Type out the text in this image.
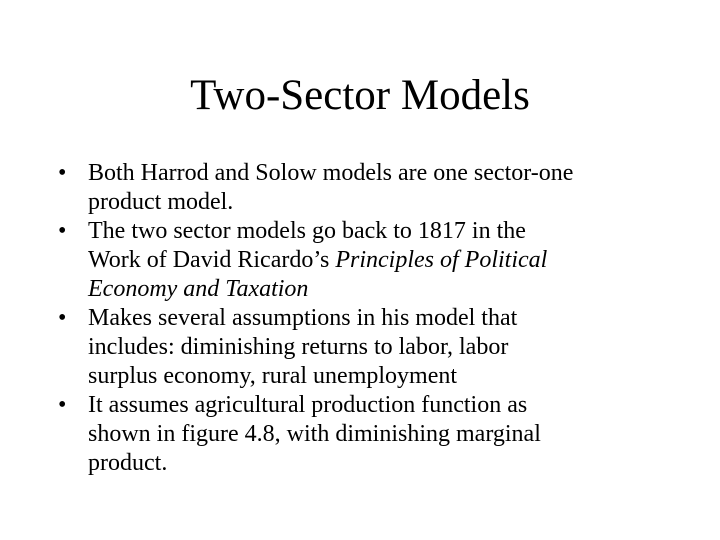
Two-Sector Models
• Both Harrod and Solow models are one sector-one
product model.
• The two sector models go back to 1817 in the
Work of David Ricardo’s Principles of Political
Economy and Taxation
• Makes several assumptions in his model that
includes: diminishing returns to labor, labor
surplus economy, rural unemployment
• It assumes agricultural production function as
shown in figure 4.8, with diminishing marginal
product.
